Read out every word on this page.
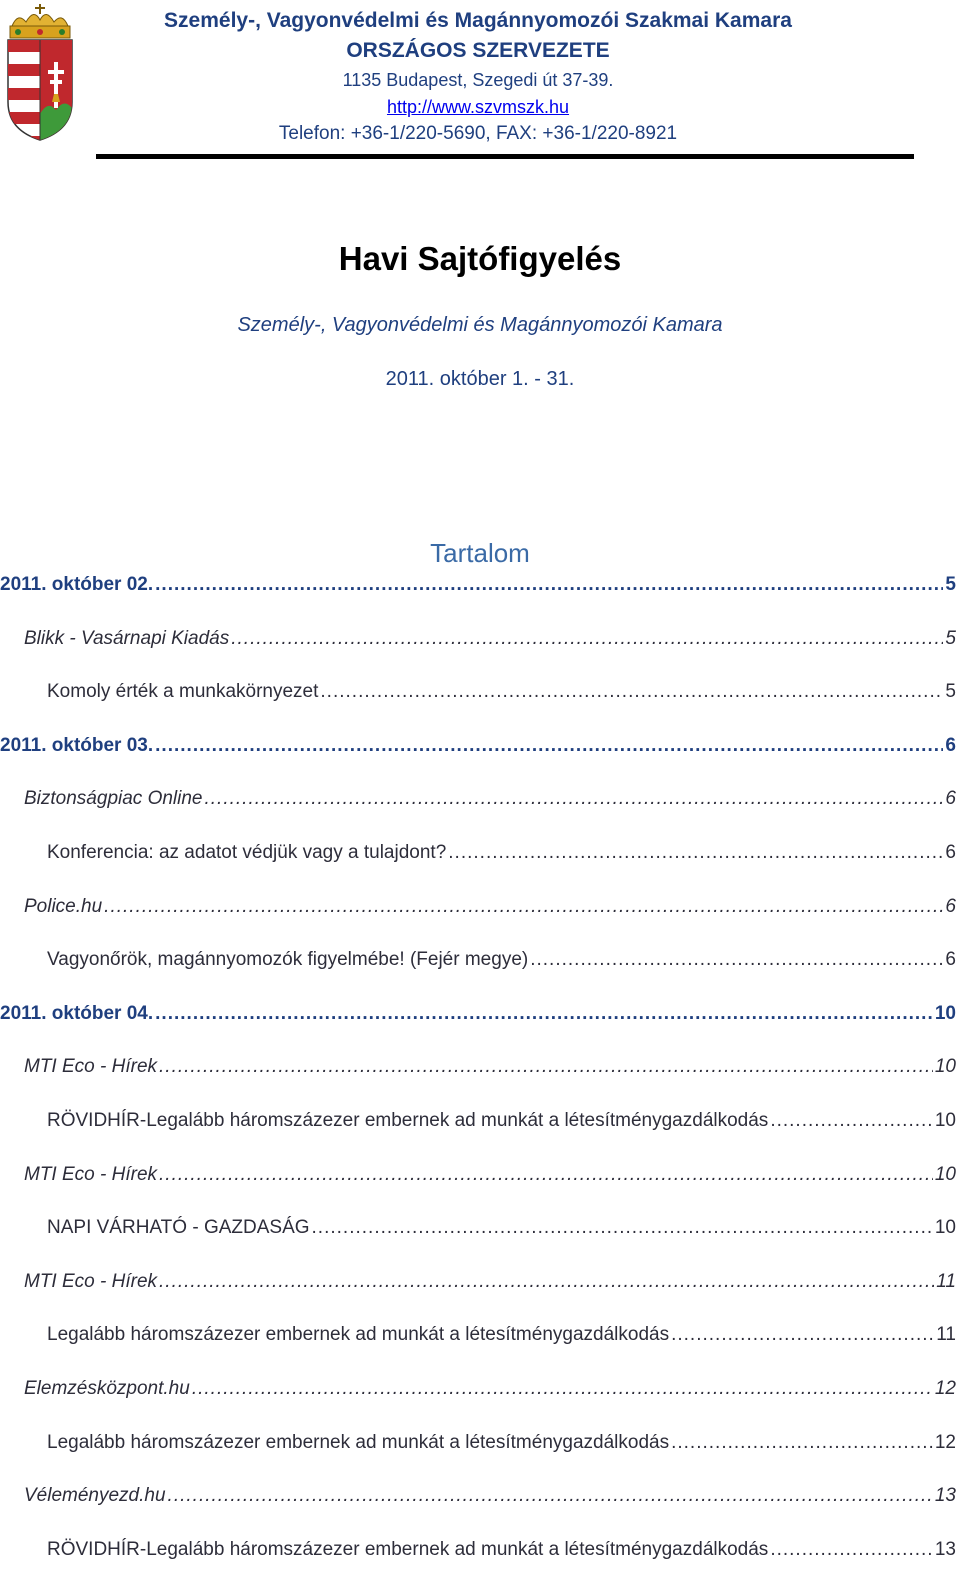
Személy-, Vagyonvédelmi és Magánnyomozói Szakmai Kamara
ORSZÁGOS SZERVEZETE
1135 Budapest, Szegedi út 37-39.
http://www.szvmszk.hu
Telefon: +36-1/220-5690, FAX: +36-1/220-8921
Havi Sajtófigyelés
Személy-, Vagyonvédelmi és Magánnyomozói Kamara
2011. október 1. - 31.
Tartalom
2011. október 02. .....	5
Blikk - Vasárnapi Kiadás .....	5
Komoly érték a munkakörnyezet .....	5
2011. október 03. .....	6
Biztonságpiac Online .....	6
Konferencia: az adatot védjük vagy a tulajdont? .....	6
Police.hu .....	6
Vagyonőrök, magánnyomozók figyelmébe! (Fejér megye) .....	6
2011. október 04. .....	10
MTI Eco - Hírek .....	10
RÖVIDHÍR-Legalább háromszázezer embernek ad munkát a létesítménygazdálkodás .....	10
MTI Eco - Hírek .....	10
NAPI VÁRHATÓ - GAZDASÁG .....	10
MTI Eco - Hírek .....	11
Legalább háromszázezer embernek ad munkát a létesítménygazdálkodás .....	11
Elemzésközpont.hu .....	12
Legalább háromszázezer embernek ad munkát a létesítménygazdálkodás .....	12
Véleményezd.hu .....	13
RÖVIDHÍR-Legalább háromszázezer embernek ad munkát a létesítménygazdálkodás .....	13
